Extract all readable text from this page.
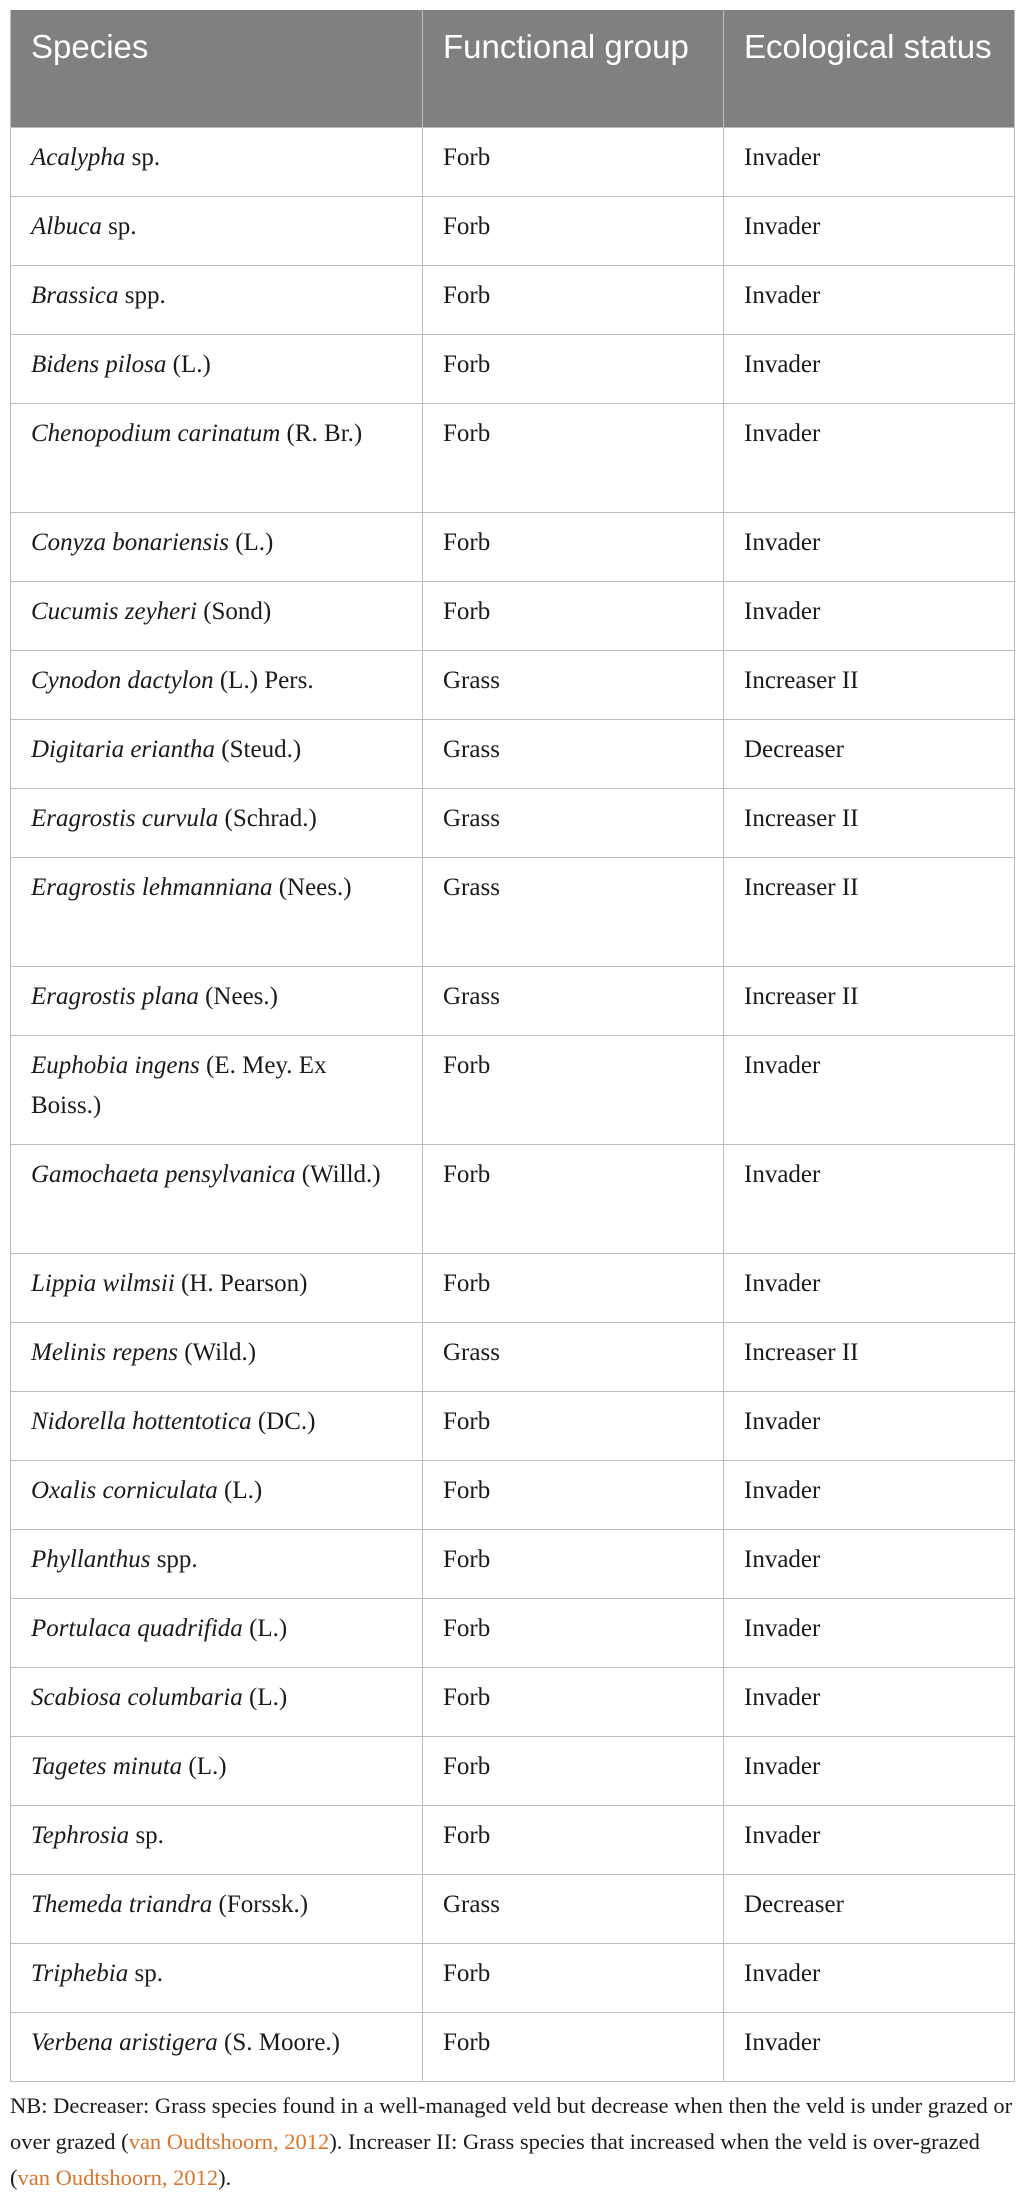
Species	Functional group	Ecological status
Acalypha sp.	Forb	Invader
Albuca sp.	Forb	Invader
Brassica spp.	Forb	Invader
Bidens pilosa (L.)	Forb	Invader
Chenopodium carinatum (R. Br.)	Forb	Invader
Conyza bonariensis (L.)	Forb	Invader
Cucumis zeyheri (Sond)	Forb	Invader
Cynodon dactylon (L.) Pers.	Grass	Increaser II
Digitaria eriantha (Steud.)	Grass	Decreaser
Eragrostis curvula (Schrad.)	Grass	Increaser II
Eragrostis lehmanniana (Nees.)	Grass	Increaser II
Eragrostis plana (Nees.)	Grass	Increaser II
Euphobia ingens (E. Mey. Ex Boiss.)	Forb	Invader
Gamochaeta pensylvanica (Willd.)	Forb	Invader
Lippia wilmsii (H. Pearson)	Forb	Invader
Melinis repens (Wild.)	Grass	Increaser II
Nidorella hottentotica (DC.)	Forb	Invader
Oxalis corniculata (L.)	Forb	Invader
Phyllanthus spp.	Forb	Invader
Portulaca quadrifida (L.)	Forb	Invader
Scabiosa columbaria (L.)	Forb	Invader
Tagetes minuta (L.)	Forb	Invader
Tephrosia sp.	Forb	Invader
Themeda triandra (Forssk.)	Grass	Decreaser
Triphebia sp.	Forb	Invader
Verbena aristigera (S. Moore.)	Forb	Invader

NB: Decreaser: Grass species found in a well-managed veld but decrease when then the veld is under grazed or over grazed (van Oudtshoorn, 2012). Increaser II: Grass species that increased when the veld is over-grazed (van Oudtshoorn, 2012).
